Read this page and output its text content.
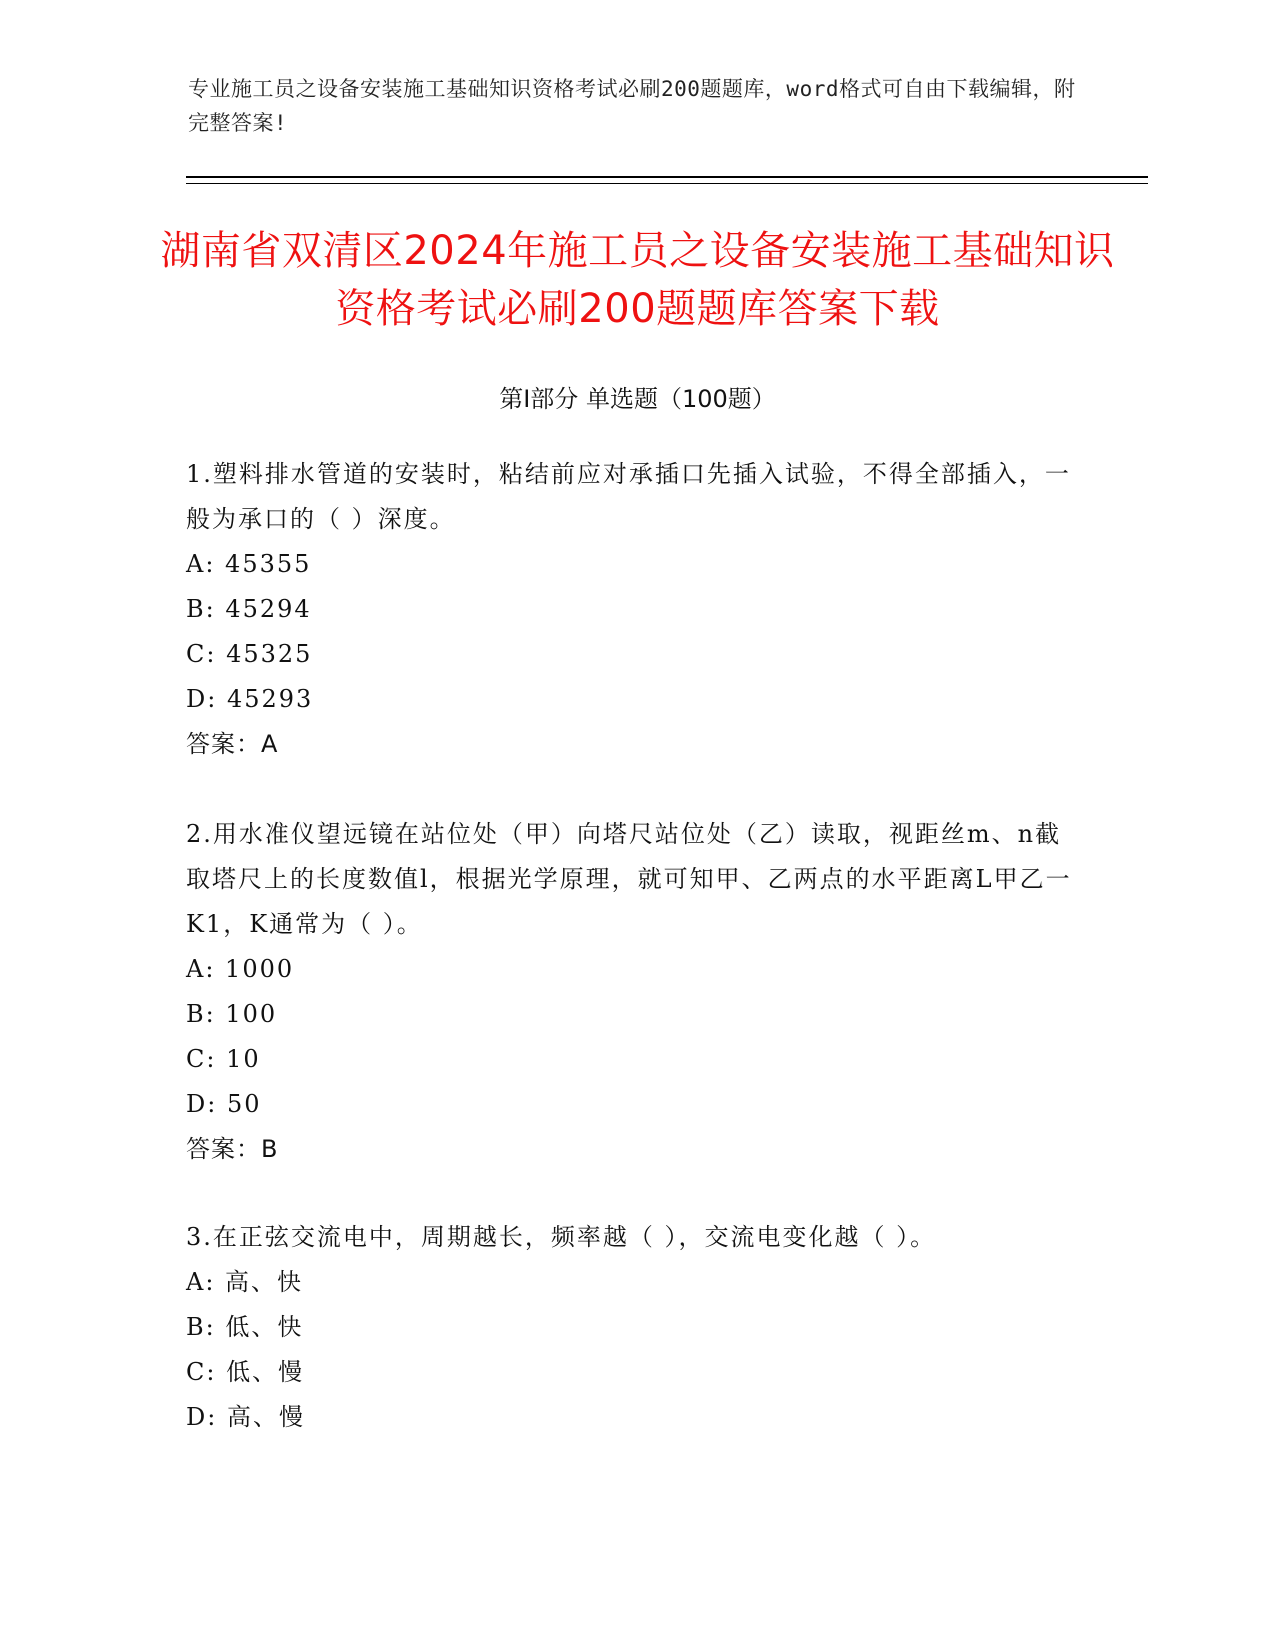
专业施工员之设备安装施工基础知识资格考试必刷200题题库，word格式可自由下载编辑，附完整答案!
湖南省双清区2024年施工员之设备安装施工基础知识资格考试必刷200题题库答案下载
第I部分 单选题（100题）

1.塑料排水管道的安装时，粘结前应对承插口先插入试验，不得全部插入，一般为承口的（ ）深度。

A: 45355

B: 45294

C: 45325

D: 45293

答案：A

2.用水准仪望远镜在站位处（甲）向塔尺站位处（乙）读取，视距丝m、n截取塔尺上的长度数值l，根据光学原理，就可知甲、乙两点的水平距离L甲乙一K1，K通常为（ ）。

A: 1000

B: 100

C: 10

D: 50

答案：B

3.在正弦交流电中，周期越长，频率越（ ），交流电变化越（ ）。

A: 高、快

B: 低、快

C: 低、慢

D: 高、慢
